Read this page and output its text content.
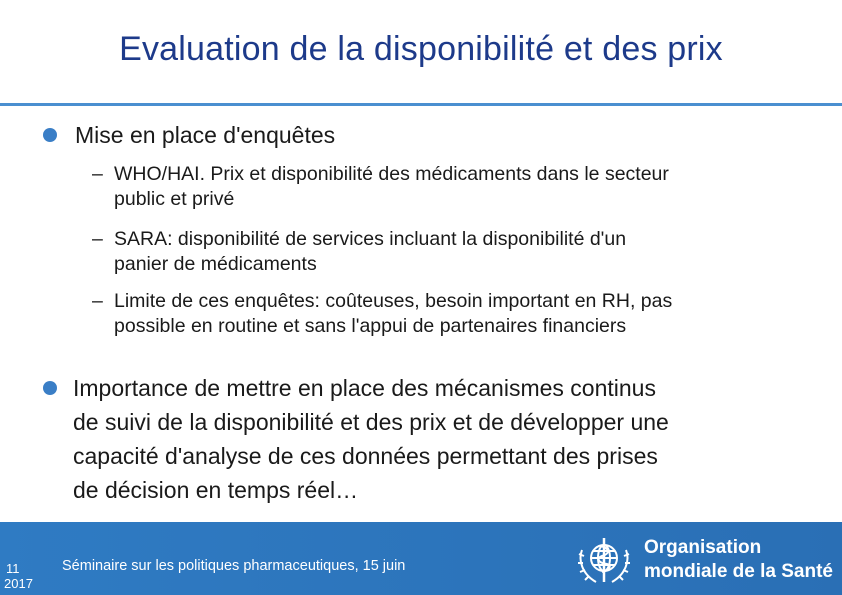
Evaluation de la disponibilité et des prix
Mise en place d'enquêtes
– WHO/HAI. Prix et disponibilité des médicaments dans le secteur
public et privé
– SARA: disponibilité de services incluant la disponibilité d'un
panier de médicaments
– Limite de ces enquêtes: coûteuses, besoin important en RH, pas
possible en routine et sans l'appui de partenaires financiers
Importance de mettre en place des mécanismes continus
de suivi de la disponibilité et des prix et de développer une
capacité d'analyse de ces données permettant des prises
de décision en temps réel…
11	Séminaire sur les politiques pharmaceutiques, 15 juin
2017
Organisation
mondiale de la Santé
